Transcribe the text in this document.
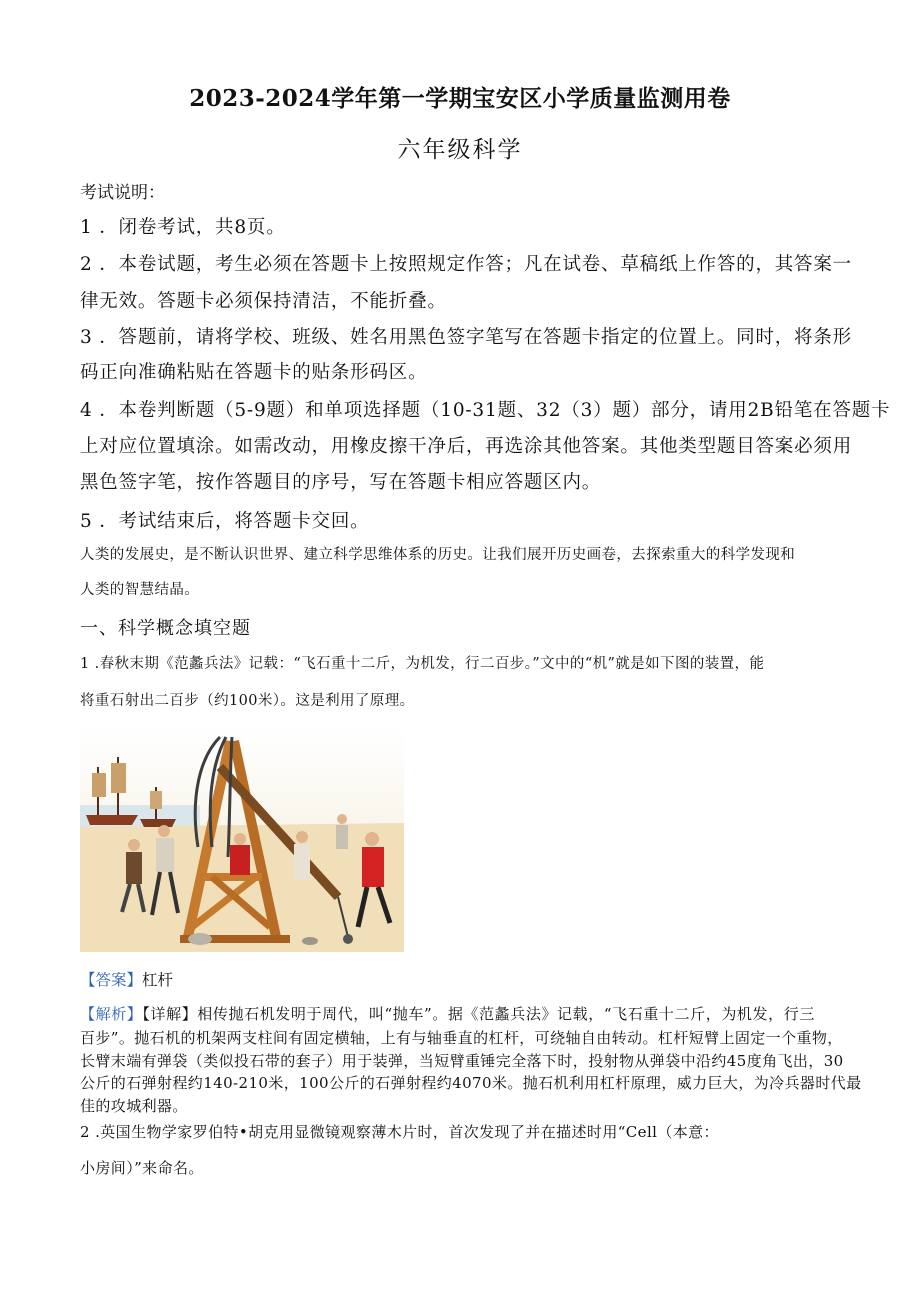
2023-2024学年第一学期宝安区小学质量监测用卷
六年级科学
考试说明：
1 ．闭卷考试，共8页。
2 ．本卷试题，考生必须在答题卡上按照规定作答；凡在试卷、草稿纸上作答的，其答案一
律无效。答题卡必须保持清洁，不能折叠。
3 ．答题前，请将学校、班级、姓名用黑色签字笔写在答题卡指定的位置上。同时，将条形
码正向准确粘贴在答题卡的贴条形码区。
4 ．本卷判断题（5-9题）和单项选择题（10-31题、32（3）题）部分，请用2B铅笔在答题卡
上对应位置填涂。如需改动，用橡皮擦干净后，再选涂其他答案。其他类型题目答案必须用
黑色签字笔，按作答题目的序号，写在答题卡相应答题区内。
5 ．考试结束后，将答题卡交回。
人类的发展史，是不断认识世界、建立科学思维体系的历史。让我们展开历史画卷，去探索重大的科学发现和
人类的智慧结晶。
一、科学概念填空题
1 .春秋末期《范蠡兵法》记载：“飞石重十二斤，为机发，行二百步。”文中的“机”就是如下图的装置，能
将重石射出二百步（约100米）。这是利用了原理。
【答案】杠杆
【解析】【详解】相传抛石机发明于周代，叫“抛车”。据《范蠡兵法》记载，“飞石重十二斤，为机发，行三
百步”。抛石机的机架两支柱间有固定横轴，上有与轴垂直的杠杆，可绕轴自由转动。杠杆短臂上固定一个重物，
长臂末端有弹袋（类似投石带的套子）用于装弹，当短臂重锤完全落下时，投射物从弹袋中沿约45度角飞出，30
公斤的石弹射程约140-210米，100公斤的石弹射程约4070米。抛石机利用杠杆原理，威力巨大，为冷兵器时代最
佳的攻城利器。
2 .英国生物学家罗伯特•胡克用显微镜观察薄木片时，首次发现了并在描述时用“Cell（本意：
小房间）”来命名。
